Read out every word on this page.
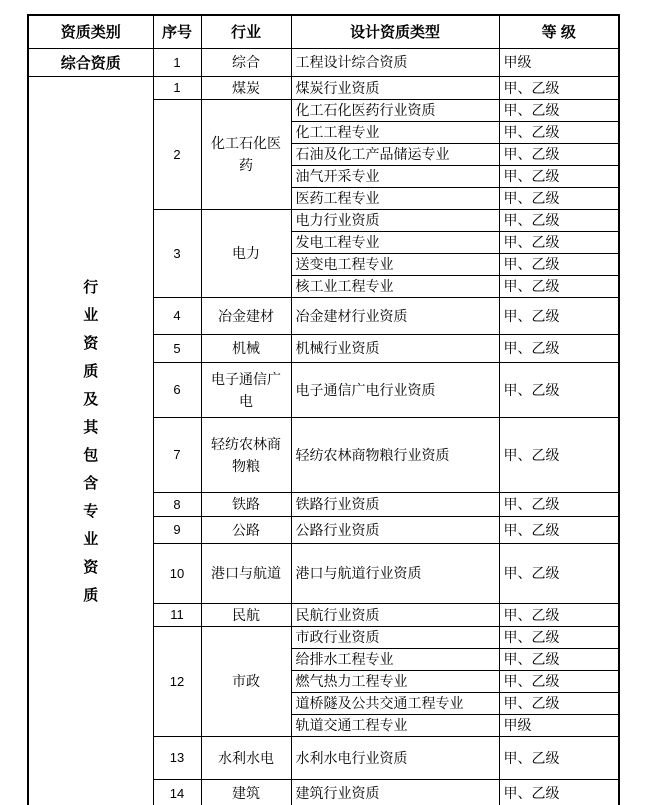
资质类别	序号	行业	设计资质类型	等 级
综合资质	1	综合	工程设计综合资质	甲级
行业资质及其包含专业资质	1	煤炭	煤炭行业资质	甲、乙级
	2	化工石化医药	化工石化医药行业资质	甲、乙级
			化工工程专业	甲、乙级
			石油及化工产品储运专业	甲、乙级
			油气开采专业	甲、乙级
			医药工程专业	甲、乙级
	3	电力	电力行业资质	甲、乙级
			发电工程专业	甲、乙级
			送变电工程专业	甲、乙级
			核工业工程专业	甲、乙级
	4	冶金建材	冶金建材行业资质	甲、乙级
	5	机械	机械行业资质	甲、乙级
	6	电子通信广电	电子通信广电行业资质	甲、乙级
	7	轻纺农林商物粮	轻纺农林商物粮行业资质	甲、乙级
	8	铁路	铁路行业资质	甲、乙级
	9	公路	公路行业资质	甲、乙级
	10	港口与航道	港口与航道行业资质	甲、乙级
	11	民航	民航行业资质	甲、乙级
	12	市政	市政行业资质	甲、乙级
			给排水工程专业	甲、乙级
			燃气热力工程专业	甲、乙级
			道桥隧及公共交通工程专业	甲、乙级
			轨道交通工程专业	甲级
	13	水利水电	水利水电行业资质	甲、乙级
	14	建筑	建筑行业资质	甲、乙级
